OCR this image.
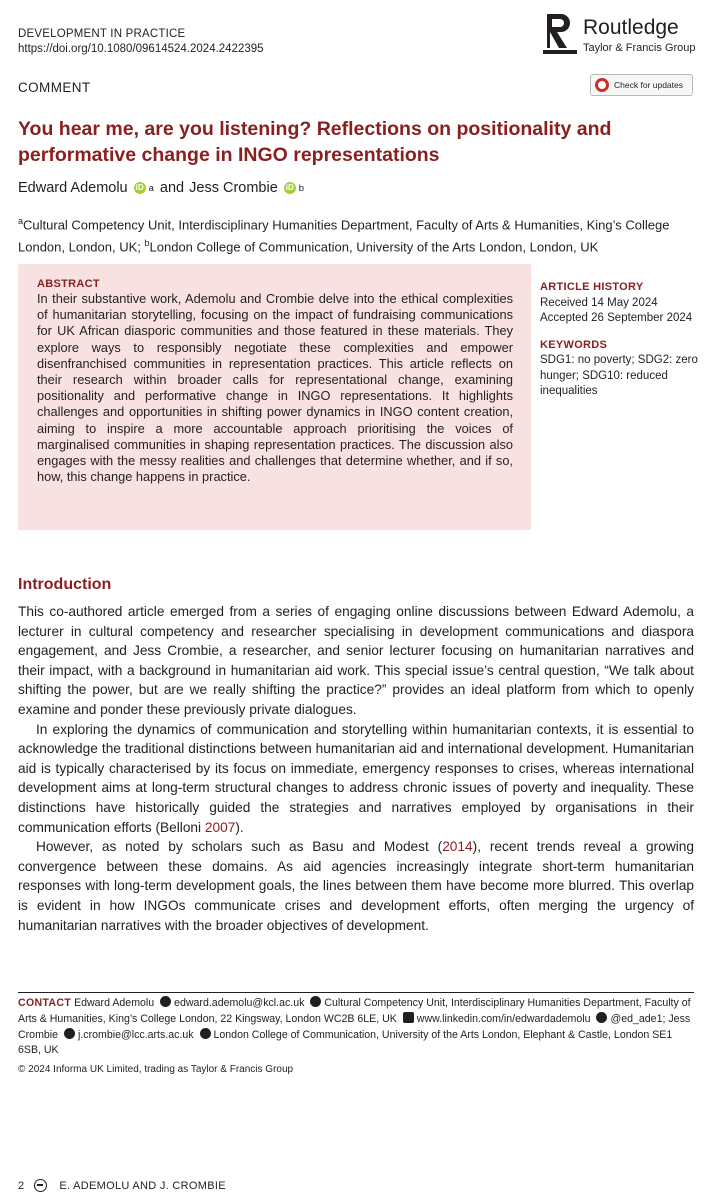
DEVELOPMENT IN PRACTICE
https://doi.org/10.1080/09614524.2024.2422395
Routledge
Taylor & Francis Group
COMMENT	Check for updates
You hear me, are you listening? Reflections on positionality and performative change in INGO representations
Edward Ademolu iD a and Jess Crombie iD b
$^a$Cultural Competency Unit, Interdisciplinary Humanities Department, Faculty of Arts & Humanities, King’s College London, London, UK; $^b$London College of Communication, University of the Arts London, London, UK
ABSTRACT
In their substantive work, Ademolu and Crombie delve into the ethical complexities of humanitarian storytelling, focusing on the impact of fundraising communications for UK African diasporic communities and those featured in these materials. They explore ways to responsibly negotiate these complexities and empower disenfranchised communities in representation practices. This article reflects on their research within broader calls for representational change, examining positionality and performative change in INGO representations. It highlights challenges and opportunities in shifting power dynamics in INGO content creation, aiming to inspire a more accountable approach prioritising the voices of marginalised communities in shaping representation practices. The discussion also engages with the messy realities and challenges that determine whether, and if so, how, this change happens in practice.
ARTICLE HISTORY
Received 14 May 2024
Accepted 26 September 2024
KEYWORDS
SDG1: no poverty; SDG2: zero hunger; SDG10: reduced inequalities
Introduction

This co-authored article emerged from a series of engaging online discussions between Edward Ademolu, a lecturer in cultural competency and researcher specialising in development communications and diaspora engagement, and Jess Crombie, a researcher, and senior lecturer focusing on humanitarian narratives and their impact, with a background in humanitarian aid work. This special issue’s central question, “We talk about shifting the power, but are we really shifting the practice?” provides an ideal platform from which to openly examine and ponder these previously private dialogues.

In exploring the dynamics of communication and storytelling within humanitarian contexts, it is essential to acknowledge the traditional distinctions between humanitarian aid and international development. Humanitarian aid is typically characterised by its focus on immediate, emergency responses to crises, whereas international development aims at long-term structural changes to address chronic issues of poverty and inequality. These distinctions have historically guided the strategies and narratives employed by organisations in their communication efforts (Belloni 2007).

However, as noted by scholars such as Basu and Modest (2014), recent trends reveal a growing convergence between these domains. As aid agencies increasingly integrate short-term humanitarian responses with long-term development goals, the lines between them have become more blurred. This overlap is evident in how INGOs communicate crises and development efforts, often merging the urgency of humanitarian narratives with the broader objectives of development.

CONTACT Edward Ademolu edward.ademolu@kcl.ac.uk Cultural Competency Unit, Interdisciplinary Humanities Department, Faculty of Arts & Humanities, King’s College London, 22 Kingsway, London WC2B 6LE, UK www.linkedin.com/in/edwardademolu @ed_ade1; Jess Crombie j.crombie@lcc.arts.ac.uk London College of Communication, University of the Arts London, Elephant & Castle, London SE1 6SB, UK
© 2024 Informa UK Limited, trading as Taylor & Francis Group
2	E. ADEMOLU AND J. CROMBIE
